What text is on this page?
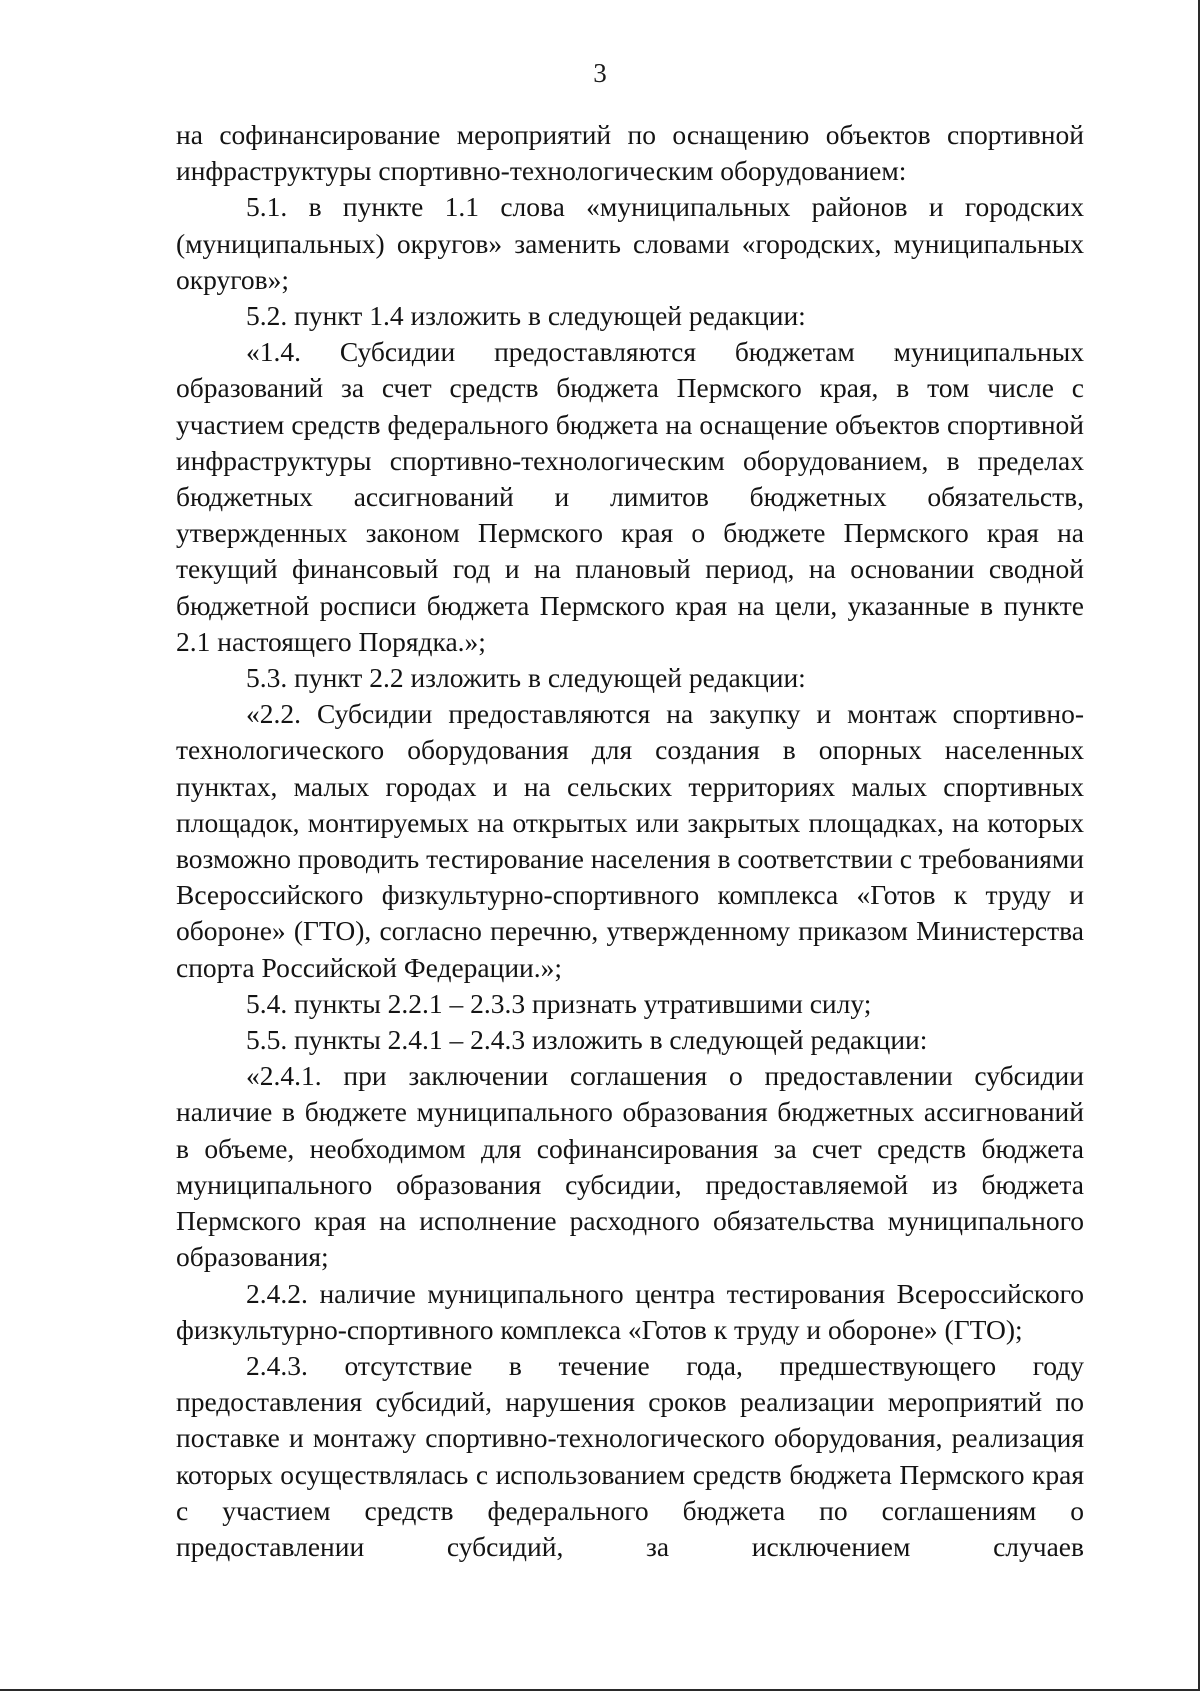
3

на софинансирование мероприятий по оснащению объектов спортивной инфраструктуры спортивно-технологическим оборудованием:

5.1. в пункте 1.1 слова «муниципальных районов и городских (муниципальных) округов» заменить словами «городских, муниципальных округов»;

5.2. пункт 1.4 изложить в следующей редакции:

«1.4. Субсидии предоставляются бюджетам муниципальных образований за счет средств бюджета Пермского края, в том числе с участием средств федерального бюджета на оснащение объектов спортивной инфраструктуры спортивно-технологическим оборудованием, в пределах бюджетных ассигнований и лимитов бюджетных обязательств, утвержденных законом Пермского края о бюджете Пермского края на текущий финансовый год и на плановый период, на основании сводной бюджетной росписи бюджета Пермского края на цели, указанные в пункте 2.1 настоящего Порядка.»;

5.3. пункт 2.2 изложить в следующей редакции:

«2.2. Субсидии предоставляются на закупку и монтаж спортивно-технологического оборудования для создания в опорных населенных пунктах, малых городах и на сельских территориях малых спортивных площадок, монтируемых на открытых или закрытых площадках, на которых возможно проводить тестирование населения в соответствии с требованиями Всероссийского физкультурно-спортивного комплекса «Готов к труду и обороне» (ГТО), согласно перечню, утвержденному приказом Министерства спорта Российской Федерации.»;

5.4. пункты 2.2.1 – 2.3.3 признать утратившими силу;

5.5. пункты 2.4.1 – 2.4.3 изложить в следующей редакции:

«2.4.1. при заключении соглашения о предоставлении субсидии наличие в бюджете муниципального образования бюджетных ассигнований в объеме, необходимом для софинансирования за счет средств бюджета муниципального образования субсидии, предоставляемой из бюджета Пермского края на исполнение расходного обязательства муниципального образования;

2.4.2. наличие муниципального центра тестирования Всероссийского физкультурно-спортивного комплекса «Готов к труду и обороне» (ГТО);

2.4.3. отсутствие в течение года, предшествующего году предоставления субсидий, нарушения сроков реализации мероприятий по поставке и монтажу спортивно-технологического оборудования, реализация которых осуществлялась с использованием средств бюджета Пермского края с участием средств федерального бюджета по соглашениям о предоставлении субсидий, за исключением случаев
